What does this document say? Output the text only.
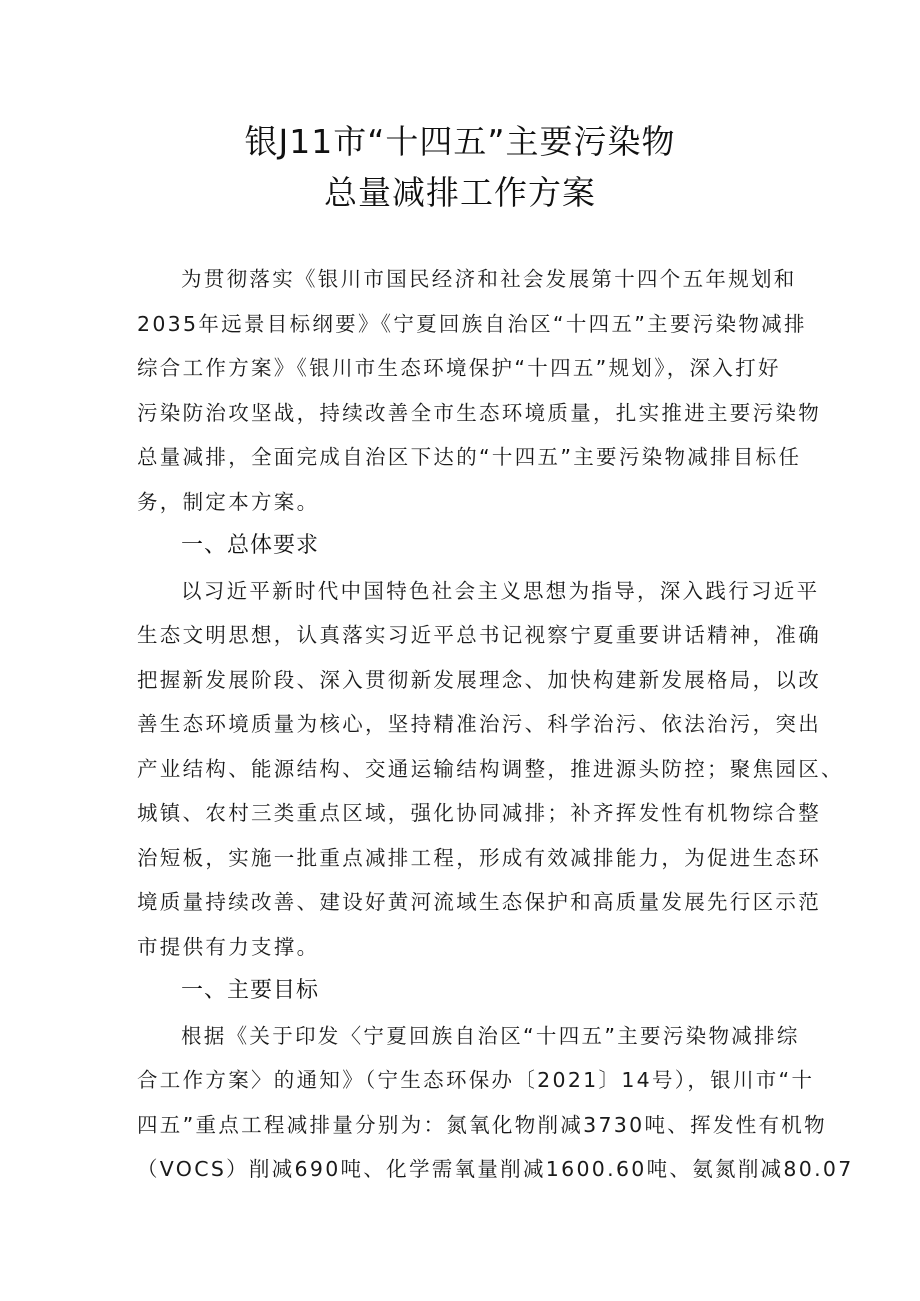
银J11市“十四五”主要污染物
总量减排工作方案
为贯彻落实《银川市国民经济和社会发展第十四个五年规划和
2035年远景目标纲要》《宁夏回族自治区“十四五”主要污染物减排
综合工作方案》《银川市生态环境保护“十四五”规划》，深入打好
污染防治攻坚战，持续改善全市生态环境质量，扎实推进主要污染物
总量减排，全面完成自治区下达的“十四五”主要污染物减排目标任
务，制定本方案。
一、总体要求
以习近平新时代中国特色社会主义思想为指导，深入践行习近平
生态文明思想，认真落实习近平总书记视察宁夏重要讲话精神，准确
把握新发展阶段、深入贯彻新发展理念、加快构建新发展格局，以改
善生态环境质量为核心，坚持精准治污、科学治污、依法治污，突出
产业结构、能源结构、交通运输结构调整，推进源头防控；聚焦园区、
城镇、农村三类重点区域，强化协同减排；补齐挥发性有机物综合整
治短板，实施一批重点减排工程，形成有效减排能力，为促进生态环
境质量持续改善、建设好黄河流域生态保护和高质量发展先行区示范
市提供有力支撑。
一、主要目标
根据《关于印发〈宁夏回族自治区“十四五”主要污染物减排综
合工作方案〉的通知》（宁生态环保办〔2021〕14号），银川市“十
四五”重点工程减排量分别为：氮氧化物削减3730吨、挥发性有机物
（VOCS）削减690吨、化学需氧量削减1600.60吨、氨氮削减80.07
